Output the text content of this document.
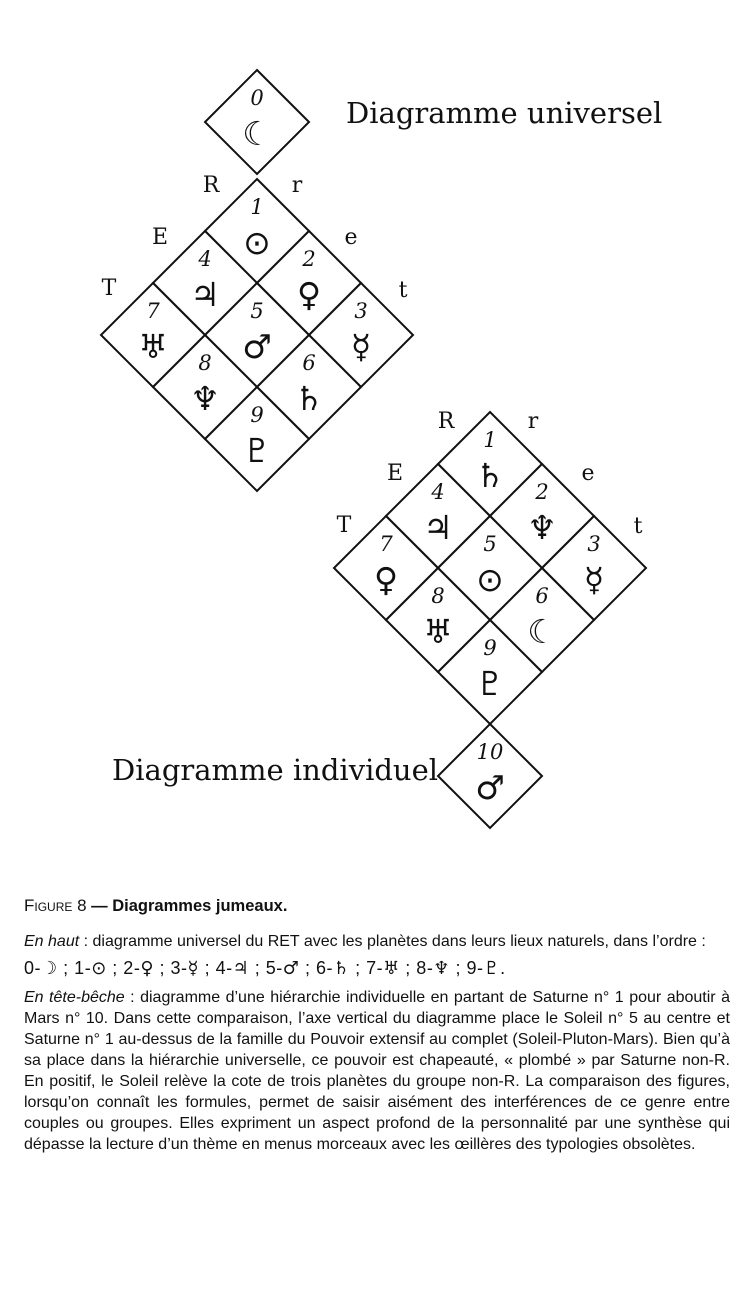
0
☾
1
⊙ 2
♀ 3
☿
4
♃ 5
♂ 6
♄
7
♅ 8
♆ 9
♇
R	r
E	e
T	t
1
♄ 2
♆ 3
☿
4
♃ 5
⊙ 6
☾
7
♀ 8
♅ 9
♇
10
♂
R	r
E	e
T	t
Diagramme universel
Diagramme individuel

Figure 8 — Diagrammes jumeaux.

En haut : diagramme universel du RET avec les planètes dans leurs lieux naturels, dans l’ordre :

0-☽ ; 1-⊙ ; 2-♀ ; 3-☿ ; 4-♃ ; 5-♂ ; 6-♄ ; 7-♅ ; 8-♆ ; 9-♇.

En tête-bêche : diagramme d’une hiérarchie individuelle en partant de Saturne n° 1 pour aboutir à Mars n° 10. Dans cette comparaison, l’axe vertical du diagramme place le Soleil n° 5 au centre et Saturne n° 1 au-dessus de la famille du Pouvoir extensif au complet (Soleil-Pluton-Mars). Bien qu’à sa place dans la hiérarchie universelle, ce pouvoir est chapeauté, « plombé » par Saturne non-R. En positif, le Soleil relève la cote de trois planètes du groupe non-R. La comparaison des figures, lorsqu’on connaît les formules, permet de saisir aisément des interférences de ce genre entre couples ou groupes. Elles expriment un aspect profond de la personnalité par une synthèse qui dépasse la lecture d’un thème en menus morceaux avec les œillères des typologies obsolètes.
